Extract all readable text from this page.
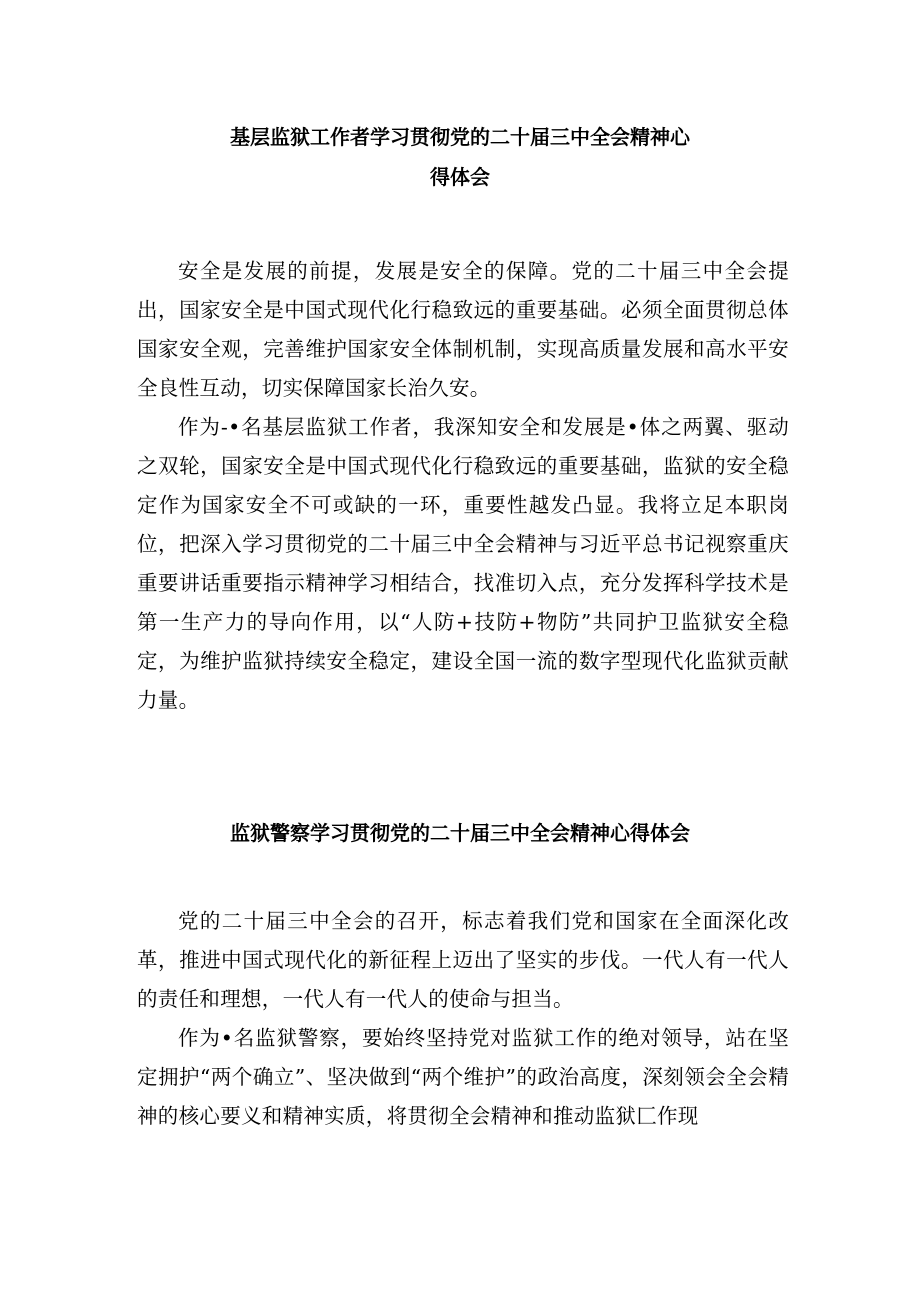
基层监狱工作者学习贯彻党的二十届三中全会精神心
得体会

安全是发展的前提，发展是安全的保障。党的二十届三中全会提出，国家安全是中国式现代化行稳致远的重要基础。必须全面贯彻总体国家安全观，完善维护国家安全体制机制，实现高质量发展和高水平安全良性互动，切实保障国家长治久安。

作为-•名基层监狱工作者，我深知安全和发展是•体之两翼、驱动之双轮，国家安全是中国式现代化行稳致远的重要基础，监狱的安全稳定作为国家安全不可或缺的一环，重要性越发凸显。我将立足本职岗位，把深入学习贯彻党的二十届三中全会精神与习近平总书记视察重庆重要讲话重要指示精神学习相结合，找准切入点，充分发挥科学技术是第一生产力的导向作用，以“人防+技防+物防”共同护卫监狱安全稳定，为维护监狱持续安全稳定，建设全国一流的数字型现代化监狱贡献力量。

监狱警察学习贯彻党的二十届三中全会精神心得体会

党的二十届三中全会的召开，标志着我们党和国家在全面深化改革，推进中国式现代化的新征程上迈出了坚实的步伐。一代人有一代人的责任和理想，一代人有一代人的使命与担当。

作为•名监狱警察，要始终坚持党对监狱工作的绝对领导，站在坚定拥护“两个确立”、坚决做到“两个维护”的政治高度，深刻领会全会精神的核心要义和精神实质，将贯彻全会精神和推动监狱匚作现
